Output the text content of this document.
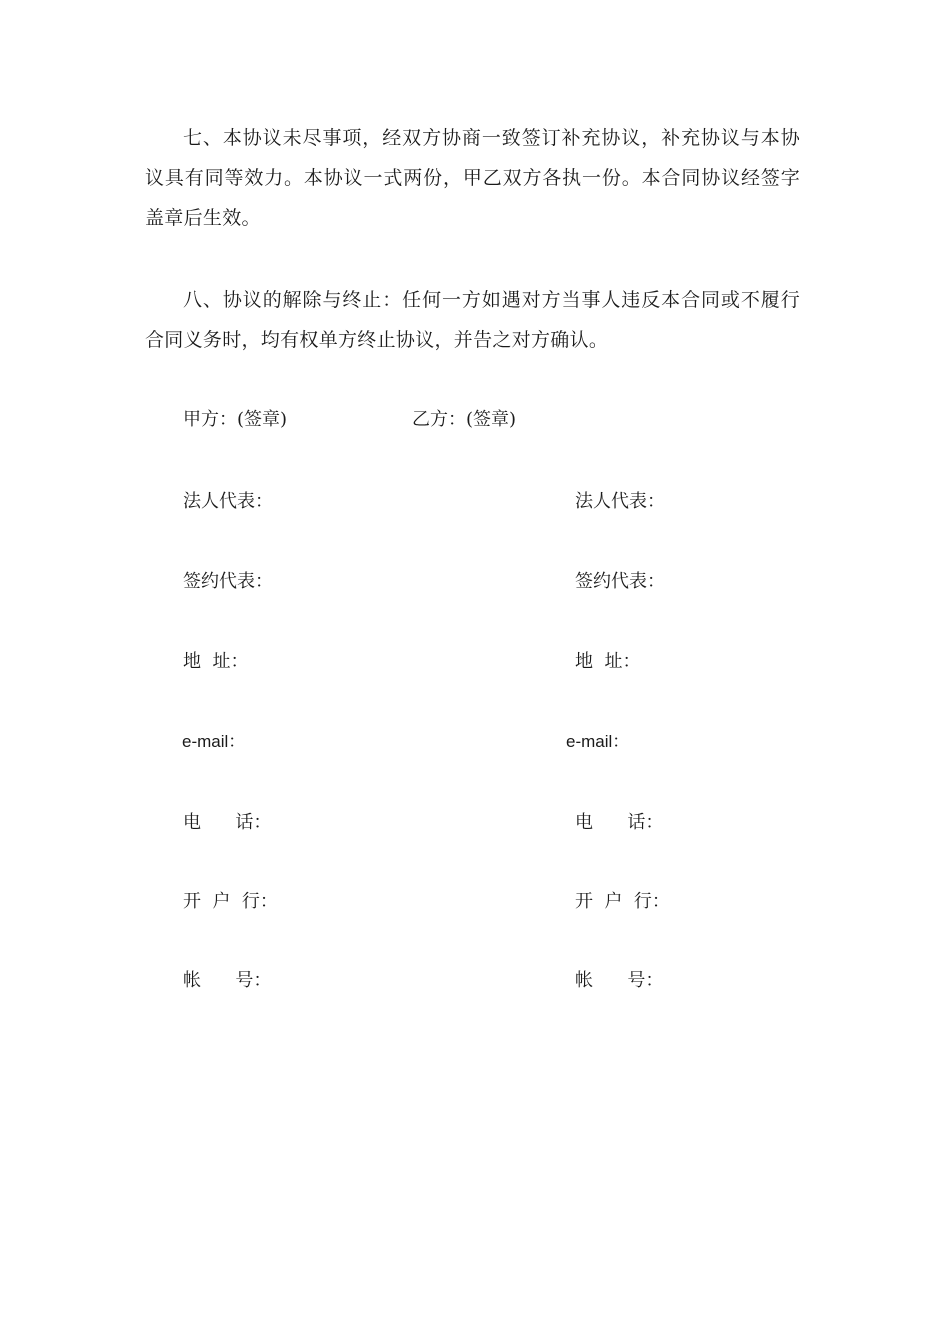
七、本协议未尽事项，经双方协商一致签订补充协议，补充协议与本协议具有同等效力。本协议一式两份，甲乙双方各执一份。本合同协议经签字盖章后生效。

八、协议的解除与终止：任何一方如遇对方当事人违反本合同或不履行合同义务时，均有权单方终止协议，并告之对方确认。

甲方：(签章)	乙方：(签章)
法人代表：	法人代表：
签约代表：	签约代表：
地  址：	地  址：
e-mail：	e-mail：
电      话：	电      话：
开  户  行：	开  户  行：
帐      号：	帐      号：
